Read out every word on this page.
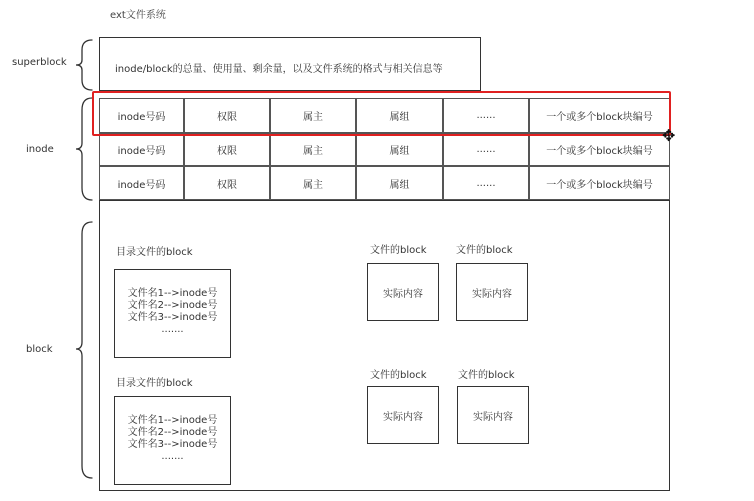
ext文件系统
superblock
inode
block
inode/block的总量、使用量、剩余量，以及文件系统的格式与相关信息等
inode号码	权限	属主	属组	......	一个或多个block块编号
inode号码	权限	属主	属组	......	一个或多个block块编号
inode号码	权限	属主	属组	......	一个或多个block块编号
目录文件的block
文件名1-->inode号
文件名2-->inode号
文件名3-->inode号
.......
目录文件的block
文件名1-->inode号
文件名2-->inode号
文件名3-->inode号
.......
文件的block
实际内容
文件的block
实际内容
文件的block
实际内容
文件的block
实际内容
✥
